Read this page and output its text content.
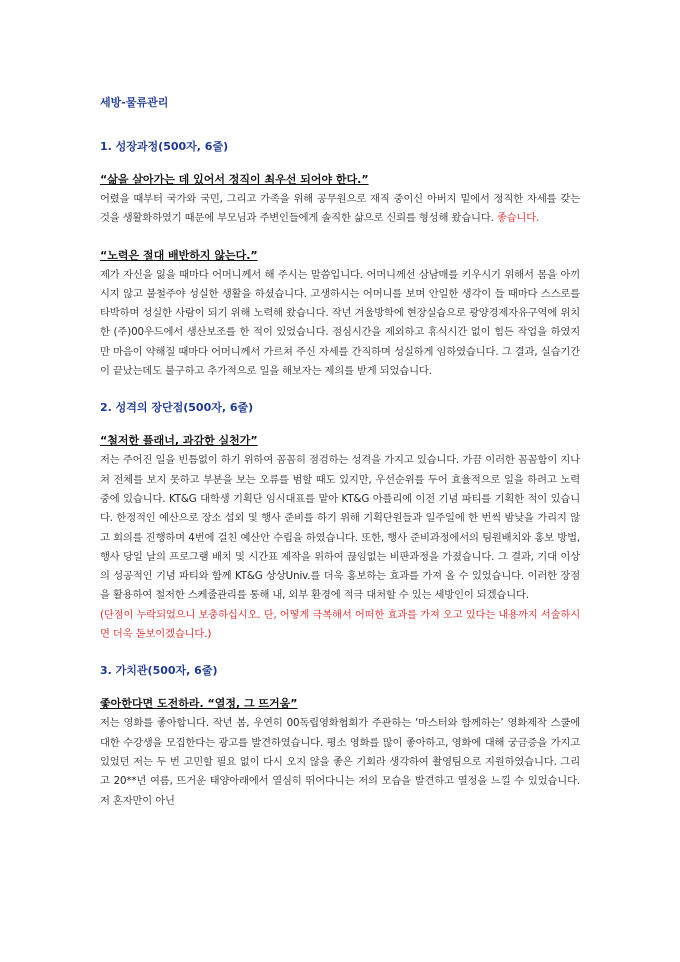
세방-물류관리
1. 성장과정(500자, 6줄)
“삶을 살아가는 데 있어서 정직이 최우선 되어야 한다.”

어렸을 때부터 국가와 국민, 그리고 가족을 위해 공무원으로 재직 중이신 아버지 밑에서 정직한 자세를 갖는 것을 생활화하였기 때문에 부모님과 주변인들에게 솔직한 삶으로 신뢰를 형성해 왔습니다. 좋습니다.

“노력은 절대 배반하지 않는다.”

제가 자신을 잃을 때마다 어머니께서 해 주시는 말씀입니다. 어머니께선 삼남매를 키우시기 위해서 몸을 아끼시지 않고 불철주야 성실한 생활을 하셨습니다. 고생하시는 어머니를 보며 안일한 생각이 들 때마다 스스로를 타박하며 성실한 사람이 되기 위해 노력해 왔습니다. 작년 겨울방학에 현장실습으로 광양경제자유구역에 위치한 (주)00우드에서 생산보조를 한 적이 있었습니다. 점심시간을 제외하고 휴식시간 없이 힘든 작업을 하였지만 마음이 약해질 때마다 어머니께서 가르쳐 주신 자세를 간직하며 성실하게 임하였습니다. 그 결과, 실습기간이 끝났는데도 불구하고 추가적으로 일을 해보자는 제의를 받게 되었습니다.

2. 성격의 장단점(500자, 6줄)
“철저한 플래너, 과감한 실천가”

저는 주어진 일을 빈틈없이 하기 위하여 꼼꼼히 점검하는 성격을 가지고 있습니다. 가끔 이러한 꼼꼼함이 지나쳐 전체를 보지 못하고 부분을 보는 오류를 범할 때도 있지만, 우선순위를 두어 효율적으로 일을 하려고 노력 중에 있습니다. KT&G 대학생 기획단 임시대표를 맡아 KT&G 아플리에 이전 기념 파티를 기획한 적이 있습니다. 한정적인 예산으로 장소 섭외 및 행사 준비를 하기 위해 기획단원들과 일주일에 한 번씩 밤낮을 가리지 않고 회의를 진행하며 4번에 걸친 예산안 수립을 하였습니다. 또한, 행사 준비과정에서의 팀원배치와 홍보 방법, 행사 당일 날의 프로그램 배치 및 시간표 제작을 위하여 끊임없는 비판과정을 가졌습니다. 그 결과, 기대 이상의 성공적인 기념 파티와 함께 KT&G 상상Univ.를 더욱 홍보하는 효과를 가져 올 수 있었습니다. 이러한 장점을 활용하여 철저한 스케줄관리를 통해 내, 외부 환경에 적극 대처할 수 있는 세방인이 되겠습니다.
(단점이 누락되었으니 보충하십시오. 단, 어떻게 극복해서 어떠한 효과를 가져 오고 있다는 내용까지 서술하시면 더욱 돋보이겠습니다.)

3. 가치관(500자, 6줄)
좋아한다면 도전하라. “열정, 그 뜨거움”

저는 영화를 좋아합니다. 작년 봄, 우연히 00독립영화협회가 주관하는 ‘마스터와 함께하는’ 영화제작 스쿨에 대한 수강생을 모집한다는 광고를 발견하였습니다. 평소 영화를 많이 좋아하고, 영화에 대해 궁금증을 가지고 있었던 저는 두 번 고민할 필요 없이 다시 오지 않을 좋은 기회라 생각하여 촬영팀으로 지원하였습니다. 그리고 20**년 여름, 뜨거운 태양아래에서 열심히 뛰어다니는 저의 모습을 발견하고 열정을 느낄 수 있었습니다. 저 혼자만이 아닌
